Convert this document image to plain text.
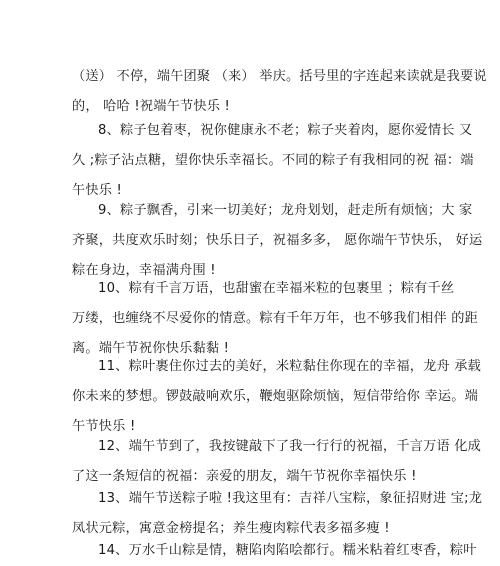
（送） 不停，端午团聚 （来） 举庆。括号里的字连起来读就是我要说
的， 哈哈 !祝端午节快乐 !
8、粽子包着枣，祝你健康永不老；粽子夹着肉，愿你爱情长 又
久 ;粽子沾点糖，望你快乐幸福长。不同的粽子有我相同的祝 福：端
午快乐 !
9、粽子飘香，引来一切美好；龙舟划划，赶走所有烦恼；大 家
齐聚，共度欢乐时刻；快乐日子，祝福多多， 愿你端午节快乐， 好运
粽在身边，幸福满舟围 !
10、粽有千言万语，也甜蜜在幸福米粒的包裹里 ；粽有千丝
万缕，也缠绕不尽爱你的情意。粽有千年万年，也不够我们相伴 的距
离。端午节祝你快乐黏黏 !
11、粽叶裹住你过去的美好，米粒黏住你现在的幸福，龙舟 承载
你未来的梦想。锣鼓敲响欢乐，鞭炮驱除烦恼，短信带给你 幸运。端
午节快乐 !
12、端午节到了，我按键敲下了我一行行的祝福，千言万语 化成
了这一条短信的祝福：亲爱的朋友，端午节祝你幸福快乐 !
13、端午节送粽子啦 !我这里有：吉祥八宝粽，象征招财进 宝;龙
凤状元粽，寓意金榜提名；养生瘦肉粽代表多福多瘦 !
14、万水千山粽是情，糖陷肉陷哙都行。糯米粘着红枣香，粽叶
